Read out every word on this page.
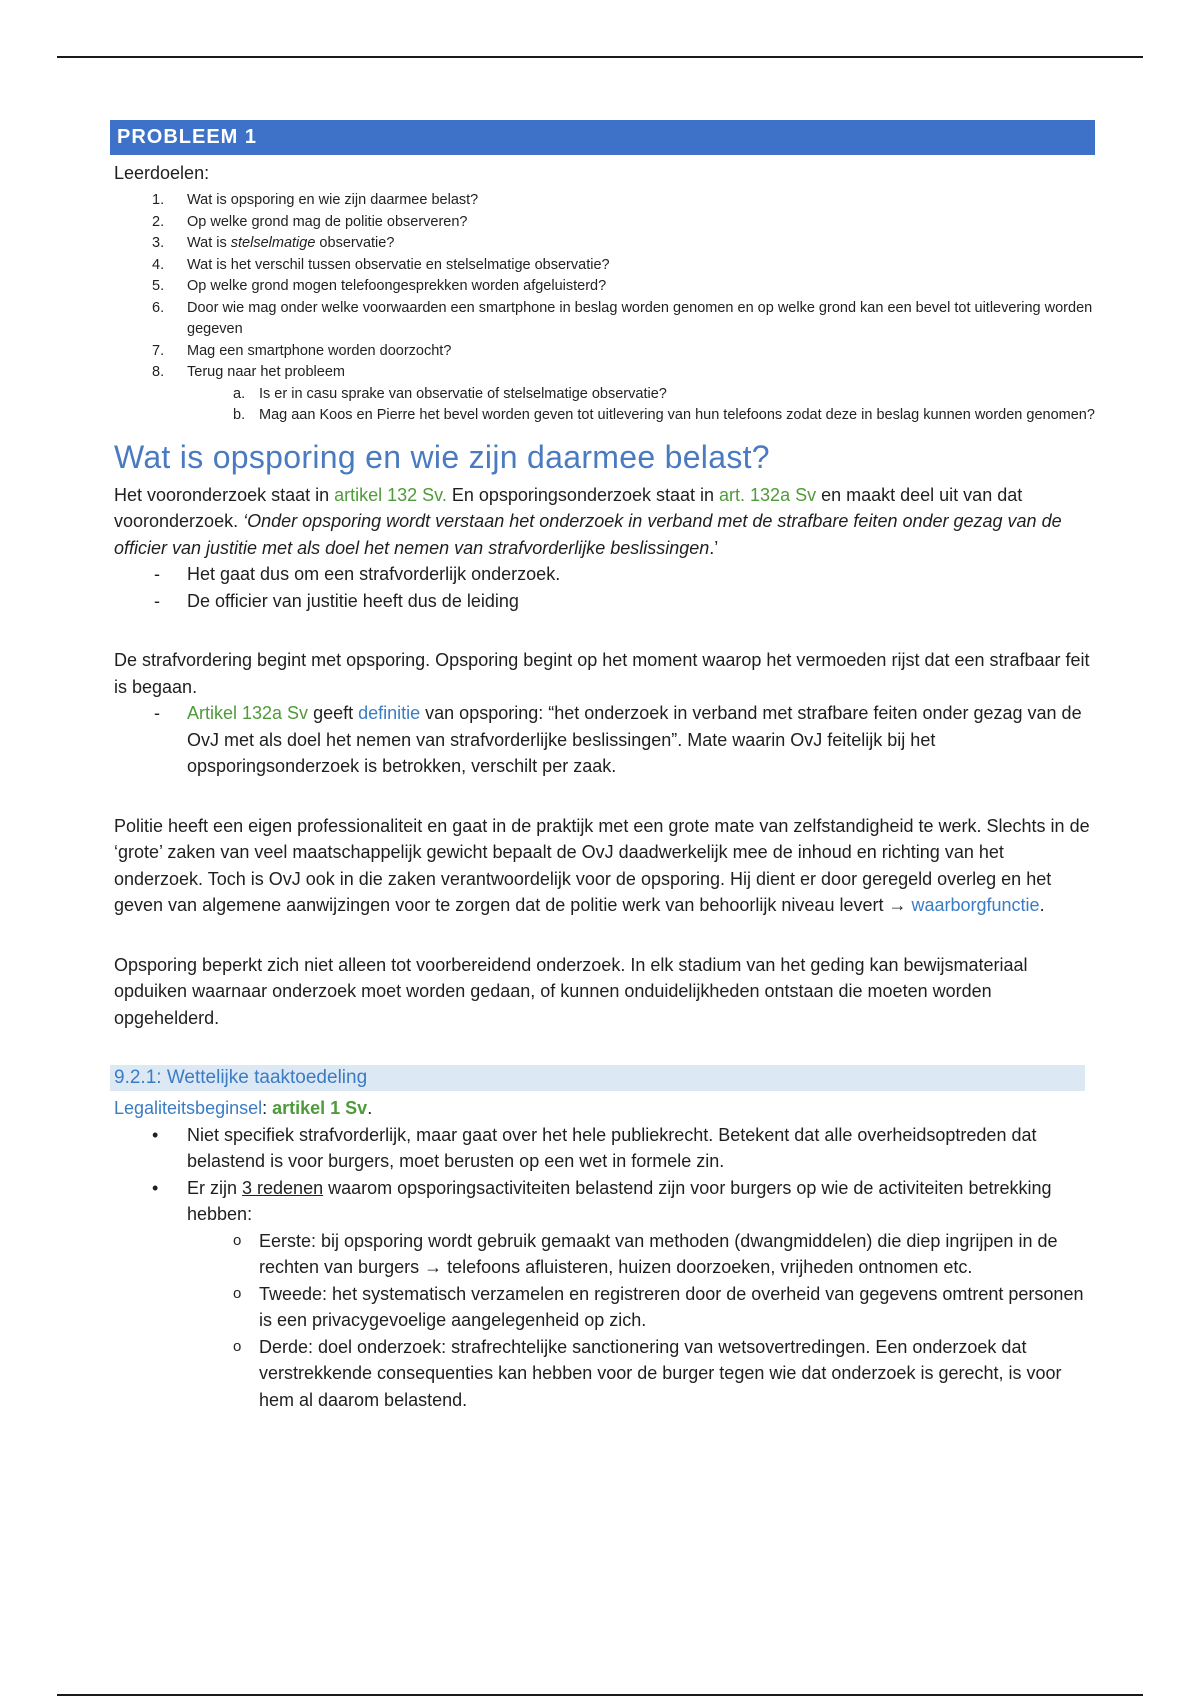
PROBLEEM 1
Leerdoelen:
1. Wat is opsporing en wie zijn daarmee belast?
2. Op welke grond mag de politie observeren?
3. Wat is stelselmatige observatie?
4. Wat is het verschil tussen observatie en stelselmatige observatie?
5. Op welke grond mogen telefoongesprekken worden afgeluisterd?
6. Door wie mag onder welke voorwaarden een smartphone in beslag worden genomen en op welke grond kan een bevel tot uitlevering worden gegeven
7. Mag een smartphone worden doorzocht?
8. Terug naar het probleem
a. Is er in casu sprake van observatie of stelselmatige observatie?
b. Mag aan Koos en Pierre het bevel worden geven tot uitlevering van hun telefoons zodat deze in beslag kunnen worden genomen?
Wat is opsporing en wie zijn daarmee belast?

Het vooronderzoek staat in artikel 132 Sv. En opsporingsonderzoek staat in art. 132a Sv en maakt deel uit van dat vooronderzoek. ‘Onder opsporing wordt verstaan het onderzoek in verband met de strafbare feiten onder gezag van de officier van justitie met als doel het nemen van strafvorderlijke beslissingen.’

- Het gaat dus om een strafvorderlijk onderzoek.
- De officier van justitie heeft dus de leiding

De strafvordering begint met opsporing. Opsporing begint op het moment waarop het vermoeden rijst dat een strafbaar feit is begaan.

- Artikel 132a Sv geeft definitie van opsporing: “het onderzoek in verband met strafbare feiten onder gezag van de OvJ met als doel het nemen van strafvorderlijke beslissingen”. Mate waarin OvJ feitelijk bij het opsporingsonderzoek is betrokken, verschilt per zaak.

Politie heeft een eigen professionaliteit en gaat in de praktijk met een grote mate van zelfstandigheid te werk. Slechts in de ‘grote’ zaken van veel maatschappelijk gewicht bepaalt de OvJ daadwerkelijk mee de inhoud en richting van het onderzoek. Toch is OvJ ook in die zaken verantwoordelijk voor de opsporing. Hij dient er door geregeld overleg en het geven van algemene aanwijzingen voor te zorgen dat de politie werk van behoorlijk niveau levert → waarborgfunctie.

Opsporing beperkt zich niet alleen tot voorbereidend onderzoek. In elk stadium van het geding kan bewijsmateriaal opduiken waarnaar onderzoek moet worden gedaan, of kunnen onduidelijkheden ontstaan die moeten worden opgehelderd.

9.2.1: Wettelijke taaktoedeling

Legaliteitsbeginsel: artikel 1 Sv.

• Niet specifiek strafvorderlijk, maar gaat over het hele publiekrecht. Betekent dat alle overheidsoptreden dat belastend is voor burgers, moet berusten op een wet in formele zin.
• Er zijn 3 redenen waarom opsporingsactiviteiten belastend zijn voor burgers op wie de activiteiten betrekking hebben:
o Eerste: bij opsporing wordt gebruik gemaakt van methoden (dwangmiddelen) die diep ingrijpen in de rechten van burgers → telefoons afluisteren, huizen doorzoeken, vrijheden ontnomen etc.
o Tweede: het systematisch verzamelen en registreren door de overheid van gegevens omtrent personen is een privacygevoelige aangelegenheid op zich.
o Derde: doel onderzoek: strafrechtelijke sanctionering van wetsovertredingen. Een onderzoek dat verstrekkende consequenties kan hebben voor de burger tegen wie dat onderzoek is gerecht, is voor hem al daarom belastend.
